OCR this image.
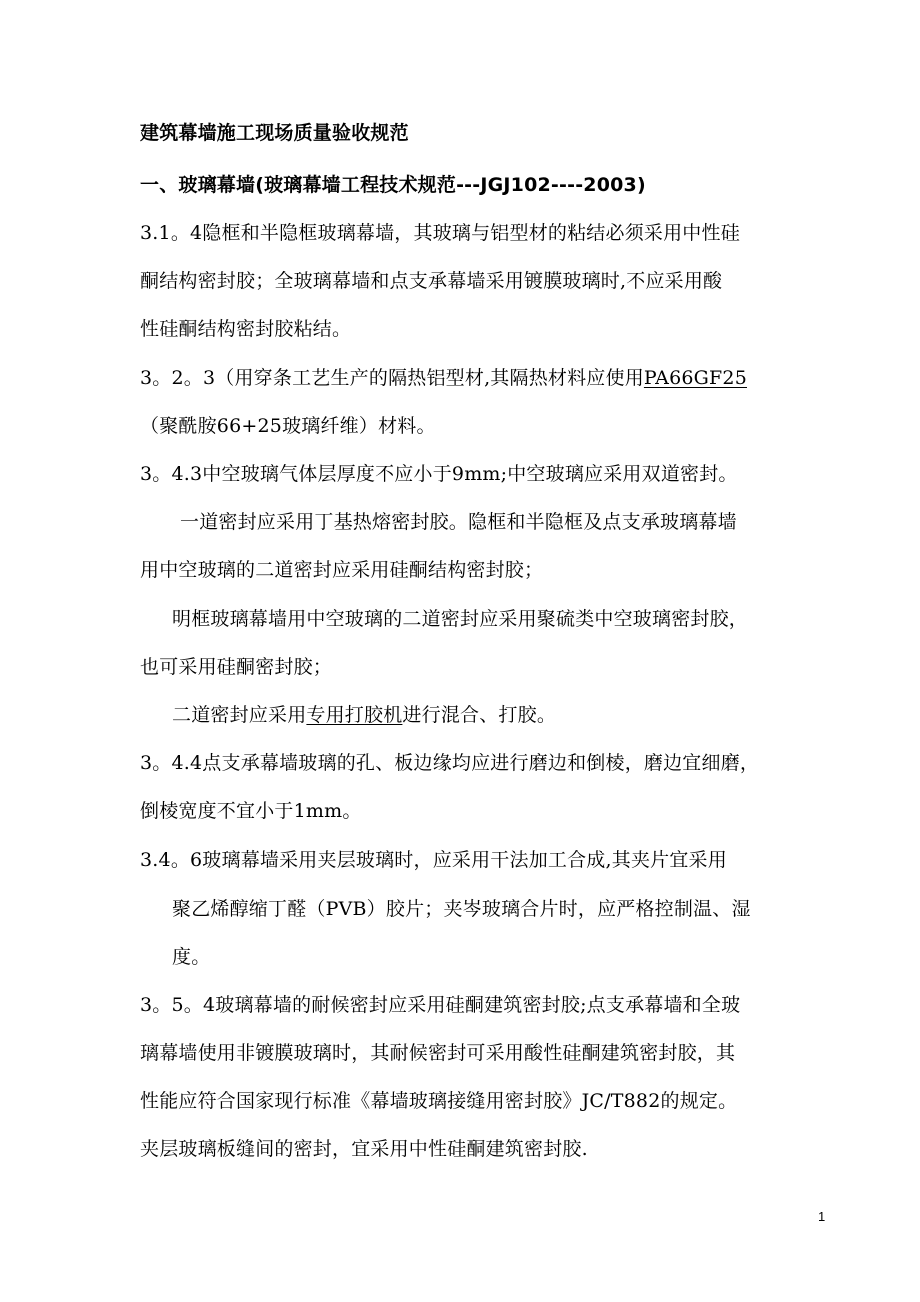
建筑幕墙施工现场质量验收规范
一、玻璃幕墙(玻璃幕墙工程技术规范---JGJ102----2003)
3.1。4隐框和半隐框玻璃幕墙，其玻璃与铝型材的粘结必须采用中性硅
酮结构密封胶；全玻璃幕墙和点支承幕墙采用镀膜玻璃时,不应采用酸
性硅酮结构密封胶粘结。
3。2。3（用穿条工艺生产的隔热铝型材,其隔热材料应使用PA66GF25
（聚酰胺66+25玻璃纤维）材料。
3。4.3中空玻璃气体层厚度不应小于9mm;中空玻璃应采用双道密封。
一道密封应采用丁基热熔密封胶。隐框和半隐框及点支承玻璃幕墙
用中空玻璃的二道密封应采用硅酮结构密封胶；
明框玻璃幕墙用中空玻璃的二道密封应采用聚硫类中空玻璃密封胶，
也可采用硅酮密封胶；
二道密封应采用专用打胶机进行混合、打胶。
3。4.4点支承幕墙玻璃的孔、板边缘均应进行磨边和倒棱，磨边宜细磨，
倒棱宽度不宜小于1mm。
3.4。6玻璃幕墙采用夹层玻璃时，应采用干法加工合成,其夹片宜采用
聚乙烯醇缩丁醛（PVB）胶片；夹岑玻璃合片时，应严格控制温、湿
度。
3。5。4玻璃幕墙的耐候密封应采用硅酮建筑密封胶;点支承幕墙和全玻
璃幕墙使用非镀膜玻璃时，其耐候密封可采用酸性硅酮建筑密封胶，其
性能应符合国家现行标准《幕墙玻璃接缝用密封胶》JC/T882的规定。
夹层玻璃板缝间的密封，宜采用中性硅酮建筑密封胶.
1
